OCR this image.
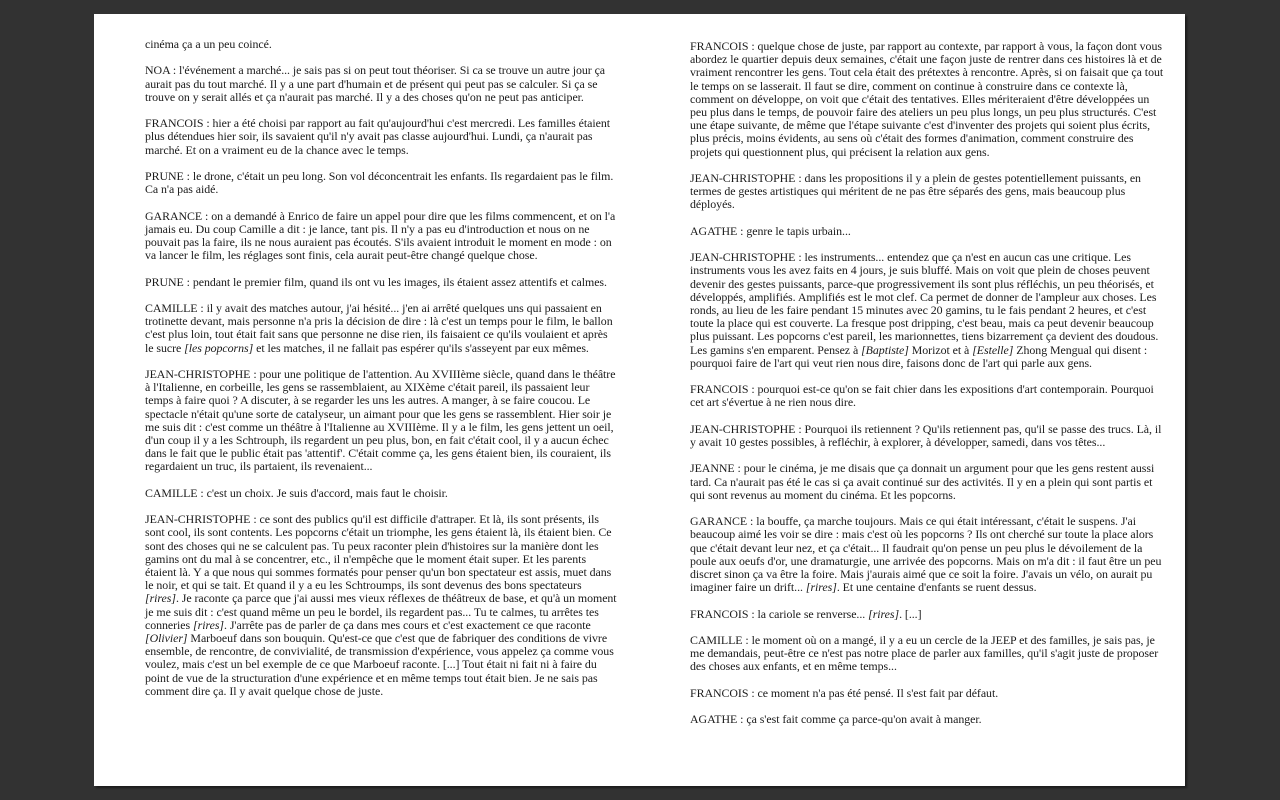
cinéma ça a un peu coincé.

NOA : l'événement a marché... je sais pas si on peut tout théoriser. Si ca se trouve un autre jour ça aurait pas du tout marché. Il y a une part d'humain et de présent qui peut pas se calculer. Si ça se trouve on y serait allés et ça n'aurait pas marché. Il y a des choses qu'on ne peut pas anticiper.

FRANCOIS : hier a été choisi par rapport au fait qu'aujourd'hui c'est mercredi. Les familles étaient plus détendues hier soir, ils savaient qu'il n'y avait pas classe aujourd'hui. Lundi, ça n'aurait pas marché. Et on a vraiment eu de la chance avec le temps.

PRUNE : le drone, c'était un peu long. Son vol déconcentrait les enfants. Ils regardaient pas le film. Ca n'a pas aidé.

GARANCE : on a demandé à Enrico de faire un appel pour dire que les films commencent, et on l'a jamais eu. Du coup Camille a dit : je lance, tant pis. Il n'y a pas eu d'introduction et nous on ne pouvait pas la faire, ils ne nous auraient pas écoutés. S'ils avaient introduit le moment en mode : on va lancer le film, les réglages sont finis, cela aurait peut-être changé quelque chose.

PRUNE : pendant le premier film, quand ils ont vu les images, ils étaient assez attentifs et calmes.

CAMILLE : il y avait des matches autour, j'ai hésité... j'en ai arrêté quelques uns qui passaient en trotinette devant, mais personne n'a pris la décision de dire : là c'est un temps pour le film, le ballon c'est plus loin, tout était fait sans que personne ne dise rien, ils faisaient ce qu'ils voulaient et après le sucre [les popcorns] et les matches, il ne fallait pas espérer qu'ils s'asseyent par eux mêmes.

JEAN-CHRISTOPHE : pour une politique de l'attention. Au XVIIIème siècle, quand dans le théâtre à l'Italienne, en corbeille, les gens se rassemblaient, au XIXème c'était pareil, ils passaient leur temps à faire quoi ? A discuter, à se regarder les uns les autres. A manger, à se faire coucou. Le spectacle n'était qu'une sorte de catalyseur, un aimant pour que les gens se rassemblent. Hier soir je me suis dit : c'est comme un théâtre à l'Italienne au XVIIIème. Il y a le film, les gens jettent un oeil, d'un coup il y a les Schtrouph, ils regardent un peu plus, bon, en fait c'était cool, il y a aucun échec dans le fait que le public était pas 'attentif'. C'était comme ça, les gens étaient bien, ils couraient, ils regardaient un truc, ils partaient, ils revenaient...

CAMILLE : c'est un choix. Je suis d'accord, mais faut le choisir.

JEAN-CHRISTOPHE : ce sont des publics qu'il est difficile d'attraper. Et là, ils sont présents, ils sont cool, ils sont contents. Les popcorns c'était un triomphe, les gens étaient là, ils étaient bien. Ce sont des choses qui ne se calculent pas. Tu peux raconter plein d'histoires sur la manière dont les gamins ont du mal à se concentrer, etc., il n'empêche que le moment était super. Et les parents étaient là. Y a que nous qui sommes formatés pour penser qu'un bon spectateur est assis, muet dans le noir, et qui se tait. Et quand il y a eu les Schtroumps, ils sont devenus des bons spectateurs [rires]. Je raconte ça parce que j'ai aussi mes vieux réflexes de théâtreux de base, et qu'à un moment je me suis dit : c'est quand même un peu le bordel, ils regardent pas... Tu te calmes, tu arrêtes tes conneries [rires]. J'arrête pas de parler de ça dans mes cours et c'est exactement ce que raconte [Olivier] Marboeuf dans son bouquin. Qu'est-ce que c'est que de fabriquer des conditions de vivre ensemble, de rencontre, de convivialité, de transmission d'expérience, vous appelez ça comme vous voulez, mais c'est un bel exemple de ce que Marboeuf raconte. [...] Tout était ni fait ni à faire du point de vue de la structuration d'une expérience et en même temps tout était bien. Je ne sais pas comment dire ça. Il y avait quelque chose de juste.

FRANCOIS : quelque chose de juste, par rapport au contexte, par rapport à vous, la façon dont vous abordez le quartier depuis deux semaines, c'était une façon juste de rentrer dans ces histoires là et de vraiment rencontrer les gens. Tout cela était des prétextes à rencontre. Après, si on faisait que ça tout le temps on se lasserait. Il faut se dire, comment on continue à construire dans ce contexte là, comment on développe, on voit que c'était des tentatives. Elles mériteraient d'être développées un peu plus dans le temps, de pouvoir faire des ateliers un peu plus longs, un peu plus structurés. C'est une étape suivante, de même que l'étape suivante c'est d'inventer des projets qui soient plus écrits, plus précis, moins évidents, au sens où c'était des formes d'animation, comment construire des projets qui questionnent plus, qui précisent la relation aux gens.

JEAN-CHRISTOPHE : dans les propositions il y a plein de gestes potentiellement puissants, en termes de gestes artistiques qui méritent de ne pas être séparés des gens, mais beaucoup plus déployés.

AGATHE : genre le tapis urbain...

JEAN-CHRISTOPHE : les instruments... entendez que ça n'est en aucun cas une critique. Les instruments vous les avez faits en 4 jours, je suis bluffé. Mais on voit que plein de choses peuvent devenir des gestes puissants, parce-que progressivement ils sont plus réfléchis, un peu théorisés, et développés, amplifiés. Amplifiés est le mot clef. Ca permet de donner de l'ampleur aux choses. Les ronds, au lieu de les faire pendant 15 minutes avec 20 gamins, tu le fais pendant 2 heures, et c'est toute la place qui est couverte. La fresque post dripping, c'est beau, mais ca peut devenir beaucoup plus puissant. Les popcorns c'est pareil, les marionnettes, tiens bizarrement ça devient des doudous. Les gamins s'en emparent. Pensez à [Baptiste] Morizot et à [Estelle] Zhong Mengual qui disent : pourquoi faire de l'art qui veut rien nous dire, faisons donc de l'art qui parle aux gens.

FRANCOIS : pourquoi est-ce qu'on se fait chier dans les expositions d'art contemporain. Pourquoi cet art s'évertue à ne rien nous dire.

JEAN-CHRISTOPHE : Pourquoi ils retiennent ? Qu'ils retiennent pas, qu'il se passe des trucs. Là, il y avait 10 gestes possibles, à refléchir, à explorer, à développer, samedi, dans vos têtes...

JEANNE : pour le cinéma, je me disais que ça donnait un argument pour que les gens restent aussi tard. Ca n'aurait pas été le cas si ça avait continué sur des activités. Il y en a plein qui sont partis et qui sont revenus au moment du cinéma. Et les popcorns.

GARANCE : la bouffe, ça marche toujours. Mais ce qui était intéressant, c'était le suspens. J'ai beaucoup aimé les voir se dire : mais c'est où les popcorns ? Ils ont cherché sur toute la place alors que c'était devant leur nez, et ça c'était... Il faudrait qu'on pense un peu plus le dévoilement de la poule aux oeufs d'or, une dramaturgie, une arrivée des popcorns. Mais on m'a dit : il faut être un peu discret sinon ça va être la foire. Mais j'aurais aimé que ce soit la foire. J'avais un vélo, on aurait pu imaginer faire un drift... [rires]. Et une centaine d'enfants se ruent dessus.

FRANCOIS : la cariole se renverse... [rires]. [...]

CAMILLE : le moment où on a mangé, il y a eu un cercle de la JEEP et des familles, je sais pas, je me demandais, peut-être ce n'est pas notre place de parler aux familles, qu'il s'agit juste de proposer des choses aux enfants, et en même temps...

FRANCOIS : ce moment n'a pas été pensé. Il s'est fait par défaut.

AGATHE : ça s'est fait comme ça parce-qu'on avait à manger.
